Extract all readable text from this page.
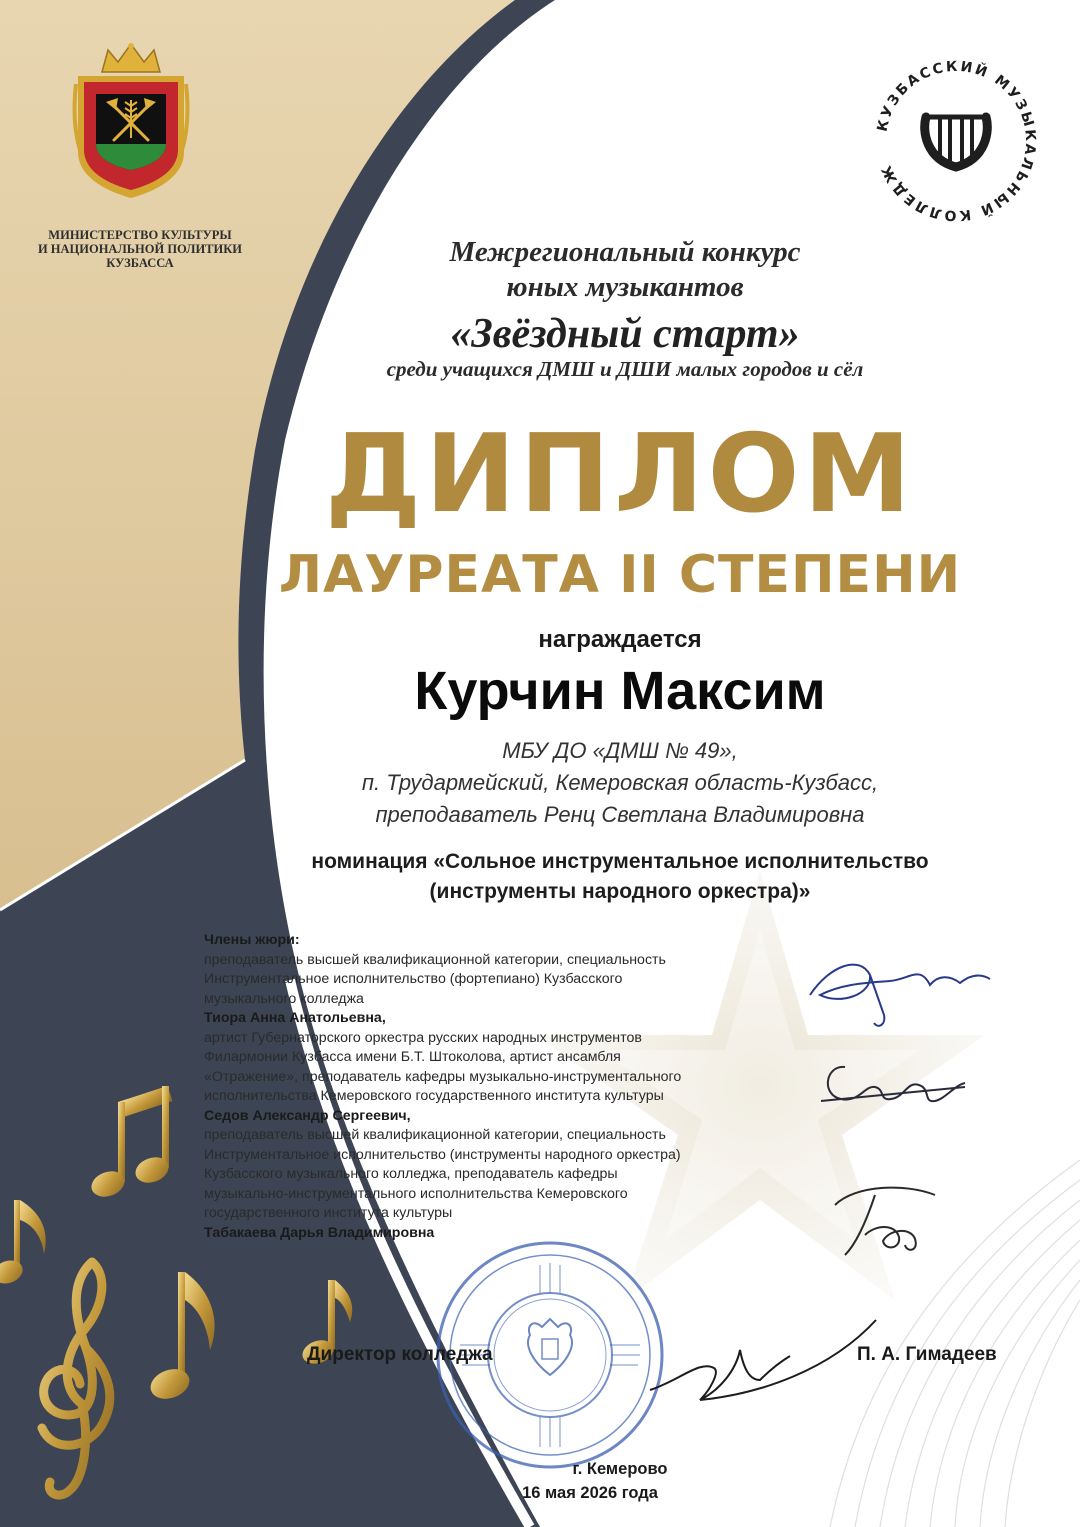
МИНИСТЕРСТВО КУЛЬТУРЫ
И НАЦИОНАЛЬНОЙ ПОЛИТИКИ
КУЗБАССА
КУЗБАССКИЙ МУЗЫКАЛЬНЫЙ КОЛЛЕДЖ
Межрегиональный конкурс
юных музыкантов
«Звёздный старт»
среди учащихся ДМШ и ДШИ малых городов и сёл
ДИПЛОМ
ЛАУРЕАТА II СТЕПЕНИ
награждается
Курчин Максим
МБУ ДО «ДМШ № 49»,
п. Трудармейский, Кемеровская область-Кузбасс,
преподаватель Ренц Светлана Владимировна
номинация «Сольное инструментальное исполнительство
(инструменты народного оркестра)»
Члены жюри:
преподаватель высшей квалификационной категории, специальность
Инструментальное исполнительство (фортепиано) Кузбасского
музыкального колледжа
Тиора Анна Анатольевна,
артист Губернаторского оркестра русских народных инструментов
Филармонии Кузбасса имени Б.Т. Штоколова, артист ансамбля
«Отражение», преподаватель кафедры музыкально-инструментального
исполнительства Кемеровского государственного института культуры
Седов Александр Сергеевич,
преподаватель высшей квалификационной категории, специальность
Инструментальное исполнительство (инструменты народного оркестра)
Кузбасского музыкального колледжа, преподаватель кафедры
музыкально-инструментального исполнительства Кемеровского
государственного института культуры
Табакаева Дарья Владимировна
Директор колледжа	П. А. Гимадеев
г. Кемерово
16 мая 2026 года
